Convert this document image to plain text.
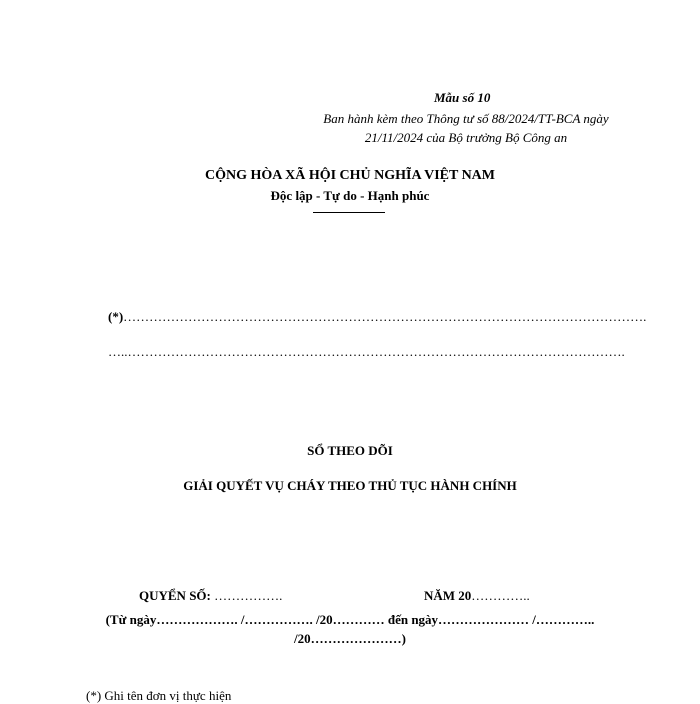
Mẫu số 10
Ban hành kèm theo Thông tư số 88/2024/TT-BCA ngày 21/11/2024 của Bộ trưởng Bộ Công an
CỘNG HÒA XÃ HỘI CHỦ NGHĨA VIỆT NAM
Độc lập - Tự do - Hạnh phúc
(*)………………………………………………………………………………………………………….
…..…………………………………………………………………………………………………….
SỔ THEO DÕI
GIẢI QUYẾT VỤ CHÁY THEO THỦ TỤC HÀNH CHÍNH
QUYỂN SỐ: …………….	NĂM 20…………..
(Từ ngày………………. /……………. /20………… đến ngày………………… /…………..
/20…………………)
(*) Ghi tên đơn vị thực hiện
